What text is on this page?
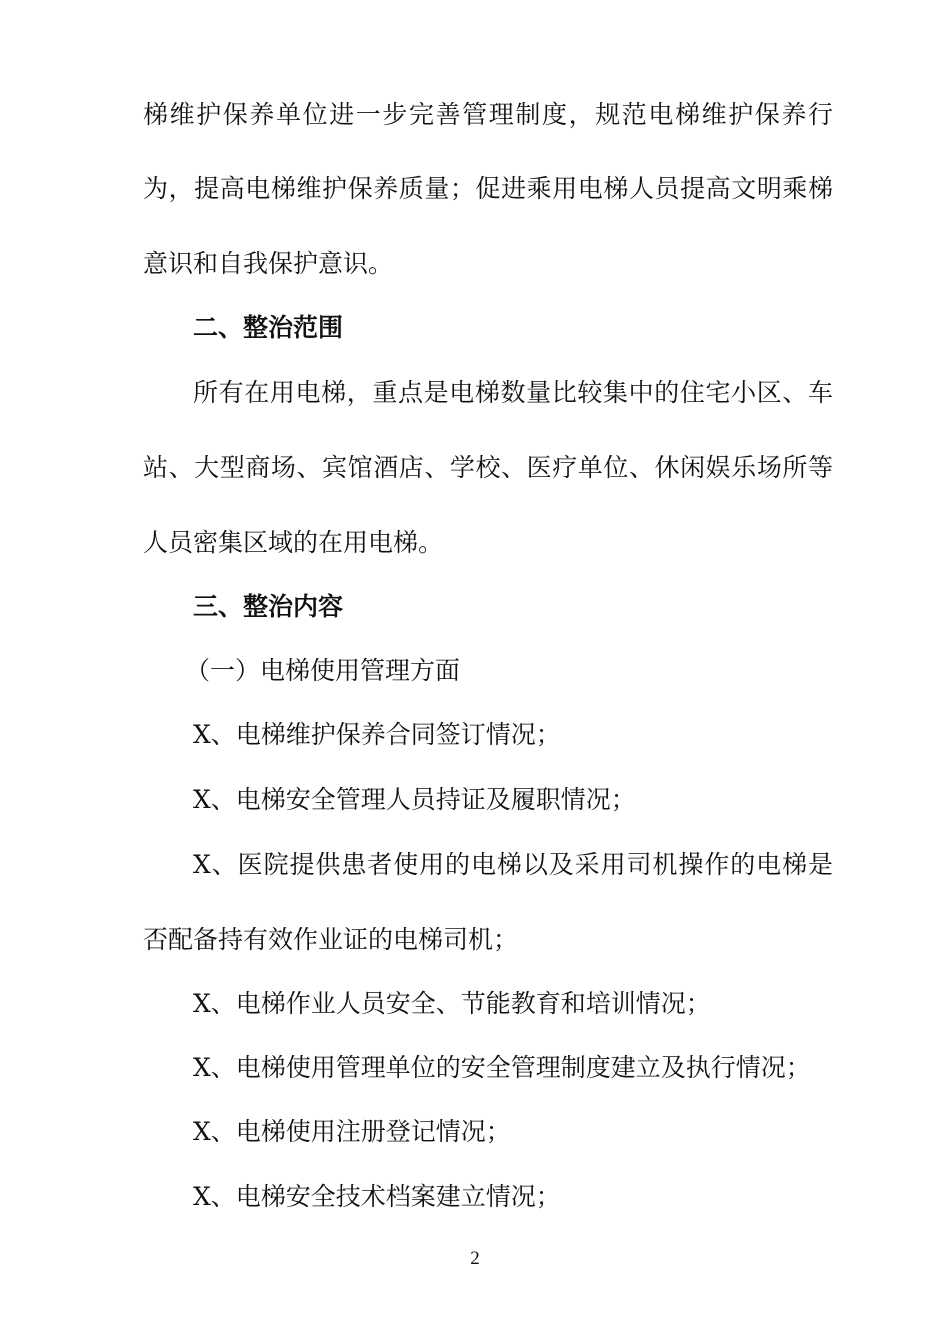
梯维护保养单位进一步完善管理制度，规范电梯维护保养行
为，提高电梯维护保养质量；促进乘用电梯人员提高文明乘梯
意识和自我保护意识。
二、整治范围
所有在用电梯，重点是电梯数量比较集中的住宅小区、车
站、大型商场、宾馆酒店、学校、医疗单位、休闲娱乐场所等
人员密集区域的在用电梯。
三、整治内容
（一）电梯使用管理方面
X、电梯维护保养合同签订情况；
X、电梯安全管理人员持证及履职情况；
X、医院提供患者使用的电梯以及采用司机操作的电梯是
否配备持有效作业证的电梯司机；
X、电梯作业人员安全、节能教育和培训情况；
X、电梯使用管理单位的安全管理制度建立及执行情况；
X、电梯使用注册登记情况；
X、电梯安全技术档案建立情况；
2
